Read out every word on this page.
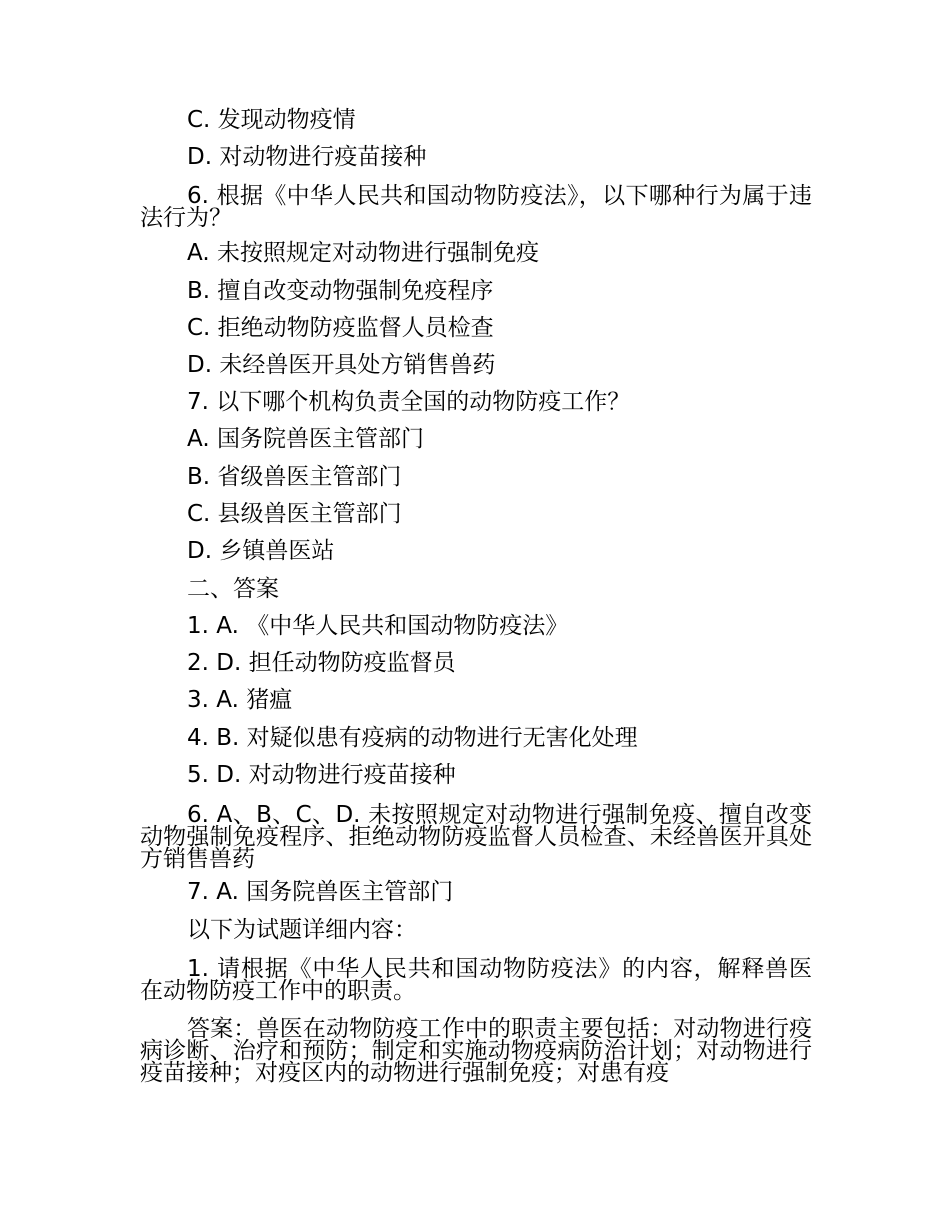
C. 发现动物疫情
D. 对动物进行疫苗接种
6. 根据《中华人民共和国动物防疫法》，以下哪种行为属于违法行为？
A. 未按照规定对动物进行强制免疫
B. 擅自改变动物强制免疫程序
C. 拒绝动物防疫监督人员检查
D. 未经兽医开具处方销售兽药
7. 以下哪个机构负责全国的动物防疫工作？
A. 国务院兽医主管部门
B. 省级兽医主管部门
C. 县级兽医主管部门
D. 乡镇兽医站
二、答案
1. A. 《中华人民共和国动物防疫法》
2. D. 担任动物防疫监督员
3. A. 猪瘟
4. B. 对疑似患有疫病的动物进行无害化处理
5. D. 对动物进行疫苗接种
6. A、B、C、D. 未按照规定对动物进行强制免疫、擅自改变动物强制免疫程序、拒绝动物防疫监督人员检查、未经兽医开具处方销售兽药
7. A. 国务院兽医主管部门
以下为试题详细内容：
1. 请根据《中华人民共和国动物防疫法》的内容，解释兽医在动物防疫工作中的职责。
答案：兽医在动物防疫工作中的职责主要包括：对动物进行疫病诊断、治疗和预防；制定和实施动物疫病防治计划；对动物进行疫苗接种；对疫区内的动物进行强制免疫；对患有疫
